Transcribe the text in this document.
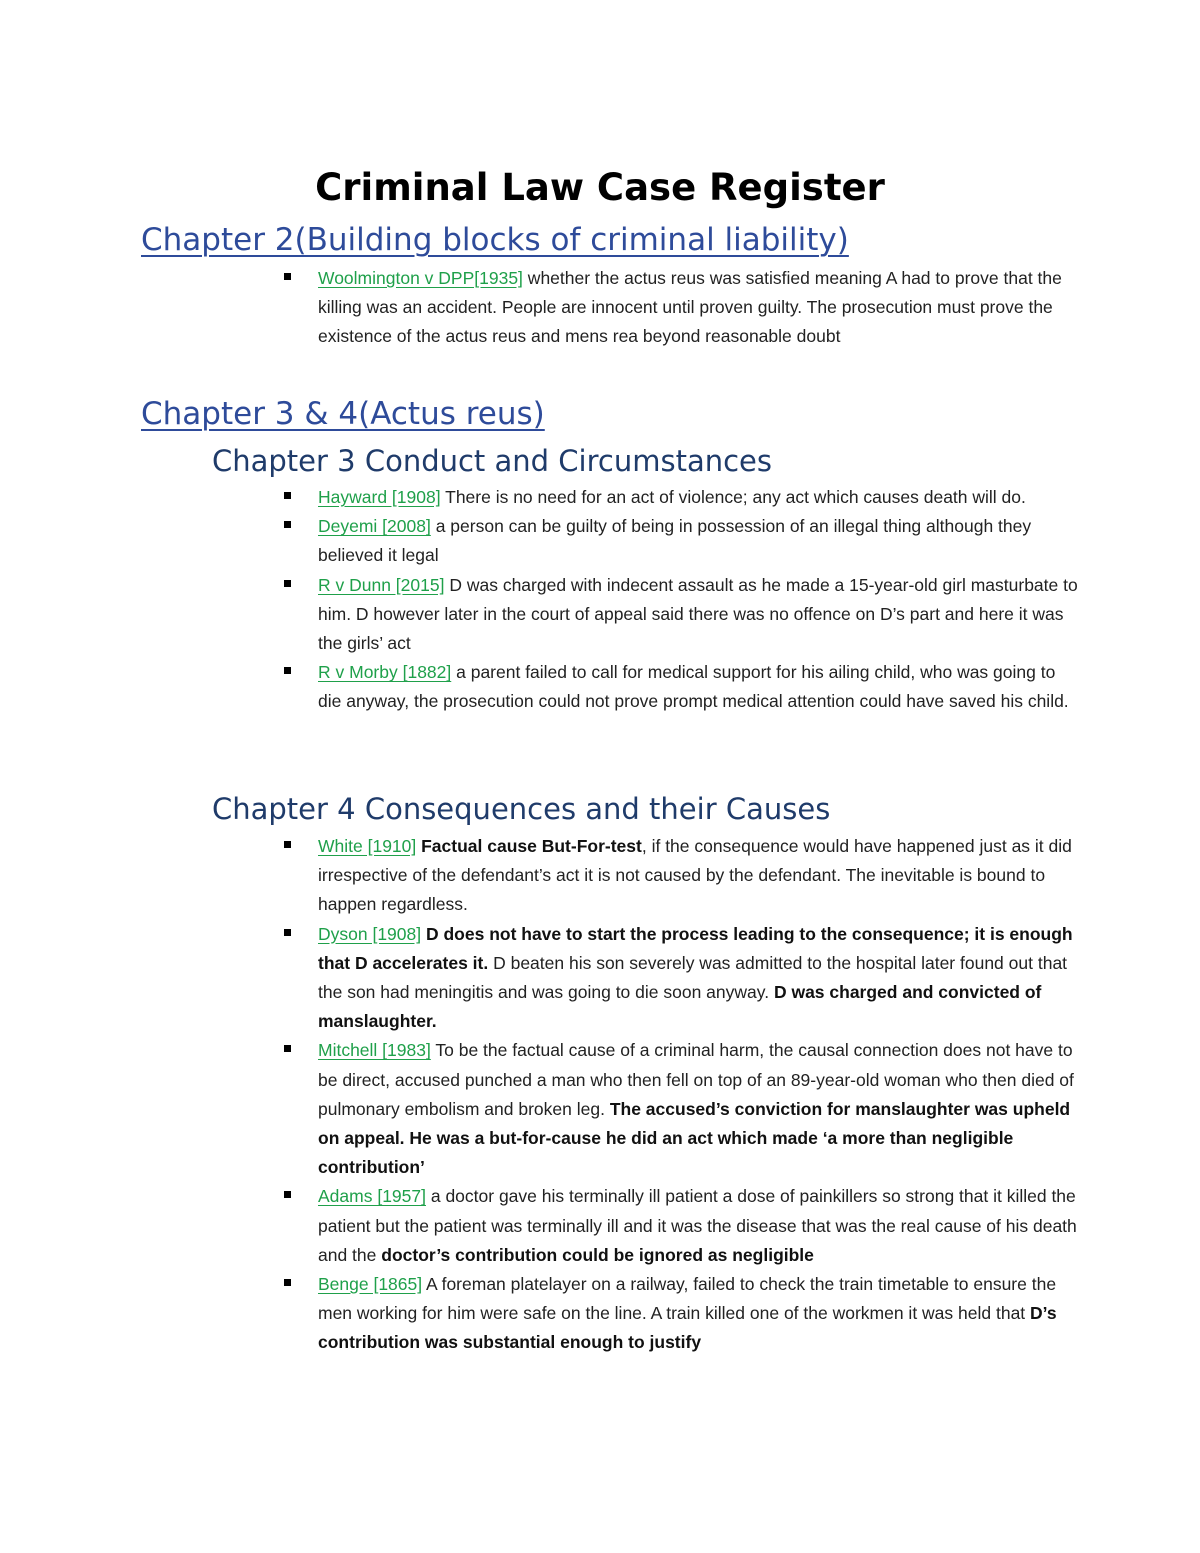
Criminal Law Case Register
Chapter 2(Building blocks of criminal liability)
Woolmington v DPP[1935] whether the actus reus was satisfied meaning A had to prove that the killing was an accident. People are innocent until proven guilty. The prosecution must prove the existence of the actus reus and mens rea beyond reasonable doubt
Chapter 3 & 4(Actus reus)
Chapter 3 Conduct and Circumstances
Hayward [1908] There is no need for an act of violence; any act which causes death will do.
Deyemi [2008] a person can be guilty of being in possession of an illegal thing although they believed it legal
R v Dunn [2015] D was charged with indecent assault as he made a 15-year-old girl masturbate to him. D however later in the court of appeal said there was no offence on D’s part and here it was the girls’ act
R v Morby [1882] a parent failed to call for medical support for his ailing child, who was going to die anyway, the prosecution could not prove prompt medical attention could have saved his child.
Chapter 4 Consequences and their Causes
White [1910] Factual cause But-For-test, if the consequence would have happened just as it did irrespective of the defendant’s act it is not caused by the defendant. The inevitable is bound to happen regardless.
Dyson [1908] D does not have to start the process leading to the consequence; it is enough that D accelerates it. D beaten his son severely was admitted to the hospital later found out that the son had meningitis and was going to die soon anyway. D was charged and convicted of manslaughter.
Mitchell [1983] To be the factual cause of a criminal harm, the causal connection does not have to be direct, accused punched a man who then fell on top of an 89-year-old woman who then died of pulmonary embolism and broken leg. The accused’s conviction for manslaughter was upheld on appeal. He was a but-for-cause he did an act which made ‘a more than negligible contribution’
Adams [1957] a doctor gave his terminally ill patient a dose of painkillers so strong that it killed the patient but the patient was terminally ill and it was the disease that was the real cause of his death and the doctor’s contribution could be ignored as negligible
Benge [1865] A foreman platelayer on a railway, failed to check the train timetable to ensure the men working for him were safe on the line. A train killed one of the workmen it was held that D’s contribution was substantial enough to justify
